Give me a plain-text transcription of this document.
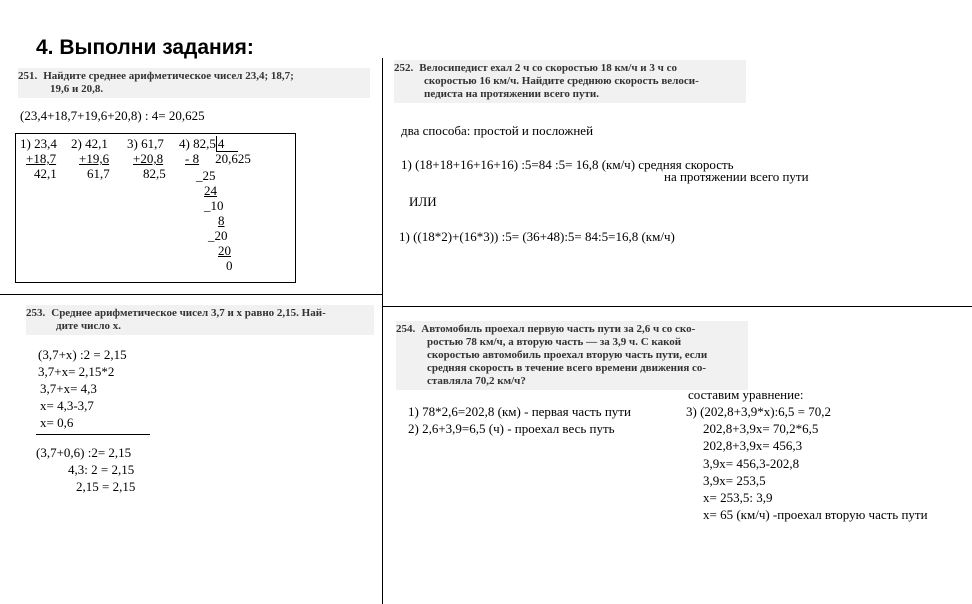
4. Выполни задания:
251. Найдите среднее арифметическое чисел 23,4; 18,7;
19,6 и 20,8.
(23,4+18,7+19,6+20,8) : 4= 20,625
1) 23,4
+18,7
42,1
2) 42,1
+19,6
61,7
3) 61,7
+20,8
82,5
4) 82,5 4
- 8 20,625
_25
24
_10
8
_20
20
0
252. Велосипедист ехал 2 ч со скоростью 18 км/ч и 3 ч со
скоростью 16 км/ч. Найдите среднюю скорость велоси-
педиста на протяжении всего пути.
два способа: простой и посложней
1) (18+18+16+16+16) :5=84 :5= 16,8 (км/ч) средняя скорость
на протяжении всего пути
ИЛИ
1) ((18*2)+(16*3)) :5= (36+48):5= 84:5=16,8 (км/ч)
253. Среднее арифметическое чисел 3,7 и x равно 2,15. Най-
дите число x.
(3,7+x) :2 = 2,15
3,7+x= 2,15*2
3,7+x= 4,3
x= 4,3-3,7
x= 0,6
(3,7+0,6) :2= 2,15
4,3: 2 = 2,15
2,15 = 2,15
254. Автомобиль проехал первую часть пути за 2,6 ч со ско-
ростью 78 км/ч, а вторую часть — за 3,9 ч. С какой
скоростью автомобиль проехал вторую часть пути, если
средняя скорость в течение всего времени движения со-
ставляла 70,2 км/ч?
1) 78*2,6=202,8 (км) - первая часть пути
2) 2,6+3,9=6,5 (ч) - проехал весь путь
составим уравнение:
3) (202,8+3,9*x):6,5 = 70,2
202,8+3,9x= 70,2*6,5
202,8+3,9x= 456,3
3,9x= 456,3-202,8
3,9x= 253,5
x= 253,5: 3,9
x= 65 (км/ч) -проехал вторую часть пути
